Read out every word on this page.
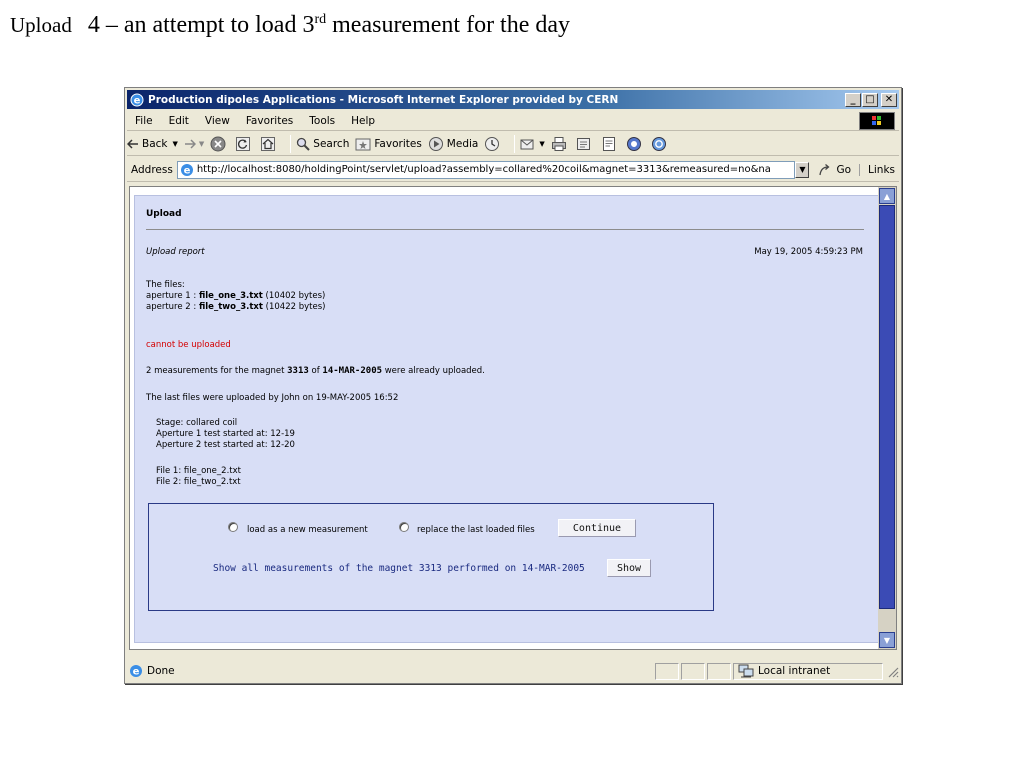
Upload 4 – an attempt to load 3rd measurement for the day
e Production dipoles Applications - Microsoft Internet Explorer provided by CERN	_ □	✕
File	Edit	View	Favorites	Tools	Help
Back ▼	▼	Search Favorites Media	▼
Address e
http://localhost:8080/holdingPoint/servlet/upload?assembly=collared%20coil&magnet=3313&remeasured=no&na	▼	Go	Links
Upload
Upload report	May 19, 2005 4:59:23 PM
The files:
aperture 1 : file_one_3.txt (10402 bytes)
aperture 2 : file_two_3.txt (10422 bytes)
cannot be uploaded
2 measurements for the magnet 3313 of 14-MAR-2005 were already uploaded.
The last files were uploaded by John on 19-MAY-2005 16:52
Stage: collared coil
Aperture 1 test started at: 12-19
Aperture 2 test started at: 12-20
File 1: file_one_2.txt
File 2: file_two_2.txt
load as a new measurement	replace the last loaded files	Continue
Show all measurements of the magnet 3313 performed on 14-MAR-2005	Show
▲
▼
e Done	Local intranet
